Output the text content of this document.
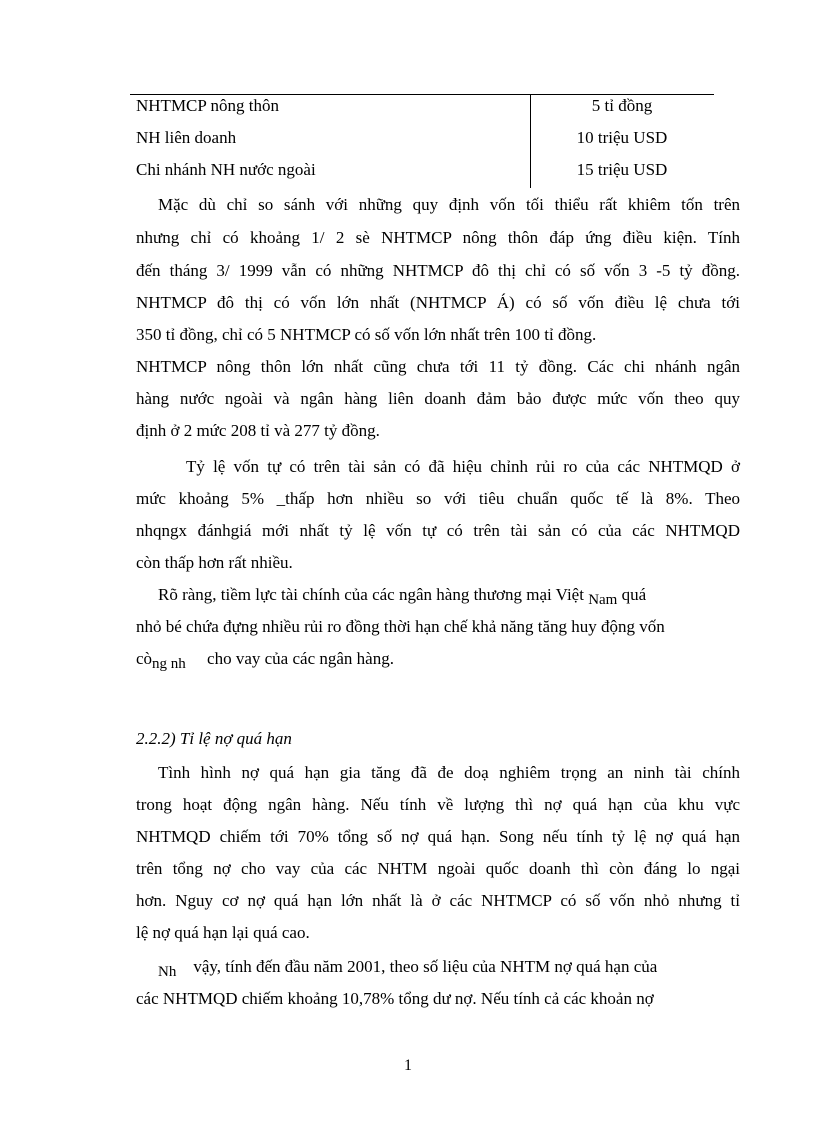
NHTMCP nông thôn	5 tỉ đồng
NH liên doanh	10 triệu USD
Chi nhánh NH nước ngoài	15 triệu USD
Mặc dù chỉ so sánh với những quy định vốn tối thiểu rất khiêm tốn trên
nhưng chỉ có khoảng 1/ 2 sè NHTMCP nông thôn đáp ứng điều kiện. Tính
đến tháng 3/ 1999 vẫn có những NHTMCP đô thị chỉ có số vốn 3 -5 tỷ đồng.
NHTMCP đô thị có vốn lớn nhất (NHTMCP Á) có số vốn điều lệ chưa tới
350 tỉ đồng, chỉ có 5 NHTMCP có số vốn lớn nhất trên 100 tỉ đồng.
NHTMCP nông thôn lớn nhất cũng chưa tới 11 tỷ đồng. Các chi nhánh ngân
hàng nước ngoài và ngân hàng liên doanh đảm bảo được mức vốn theo quy
định ở 2 mức 208 tỉ và 277 tỷ đồng.
Tỷ lệ vốn tự có trên tài sản có đã hiệu chỉnh rủi ro của các NHTMQD ở
mức khoảng 5% _thấp hơn nhiều so với tiêu chuẩn quốc tế là 8%. Theo
nhqngx đánhgiá mới nhất tỷ lệ vốn tự có trên tài sản có của các NHTMQD
còn thấp hơn rất nhiều.
Rõ ràng, tiềm lực tài chính của các ngân hàng thương mại Việt Nam quá
nhỏ bé chứa đựng nhiều rủi ro đồng thời hạn chế khả năng tăng huy động vốn
còng nh     cho vay của các ngân hàng.
2.2.2) Tỉ lệ nợ quá hạn
Tình hình nợ quá hạn gia tăng đã đe doạ nghiêm trọng an ninh tài chính
trong hoạt động ngân hàng. Nếu tính về lượng thì nợ quá hạn của khu vực
NHTMQD chiếm tới 70% tổng số nợ quá hạn. Song nếu tính tỷ lệ nợ quá hạn
trên tổng nợ cho vay của các NHTM ngoài quốc doanh thì còn đáng lo ngại
hơn. Nguy cơ nợ quá hạn lớn nhất là ở các NHTMCP có số vốn nhỏ nhưng tỉ
lệ nợ quá hạn lại quá cao.
Nh    vậy, tính đến đầu năm 2001, theo số liệu của NHTM nợ quá hạn của
các NHTMQD chiếm khoảng 10,78% tổng dư nợ. Nếu tính cả các khoản nợ
1
